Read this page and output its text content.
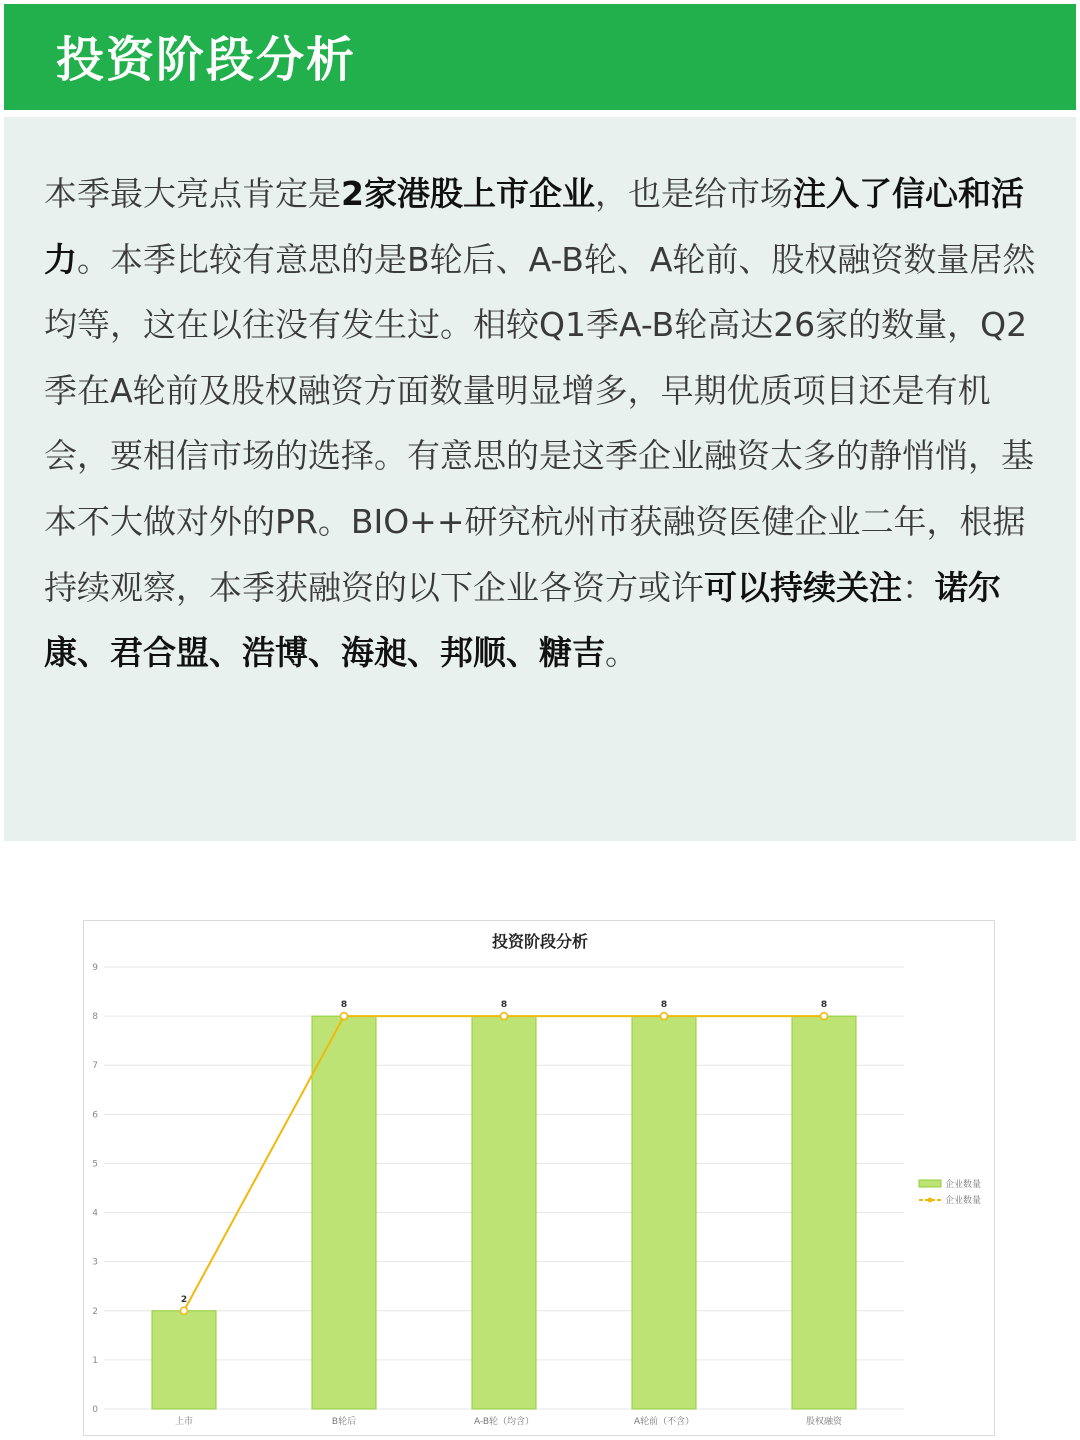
投资阶段分析

本季最大亮点肯定是2家港股上市企业，也是给市场注入了信心和活力。本季比较有意思的是B轮后、A-B轮、A轮前、股权融资数量居然均等，这在以往没有发生过。相较Q1季A-B轮高达26家的数量，Q2季在A轮前及股权融资方面数量明显增多，早期优质项目还是有机会，要相信市场的选择。有意思的是这季企业融资太多的静悄悄，基本不大做对外的PR。BIO++研究杭州市获融资医健企业二年，根据持续观察，本季获融资的以下企业各资方或许可以持续关注：诺尔康、君合盟、浩博、海昶、邦顺、糖吉。

投资阶段分析
0
1
2
3
4
5
6
7
8
9
上市	B轮后	A-B轮（均含）	A轮前（不含）	股权融资
2
8	8	8	8
企业数量
企业数量
